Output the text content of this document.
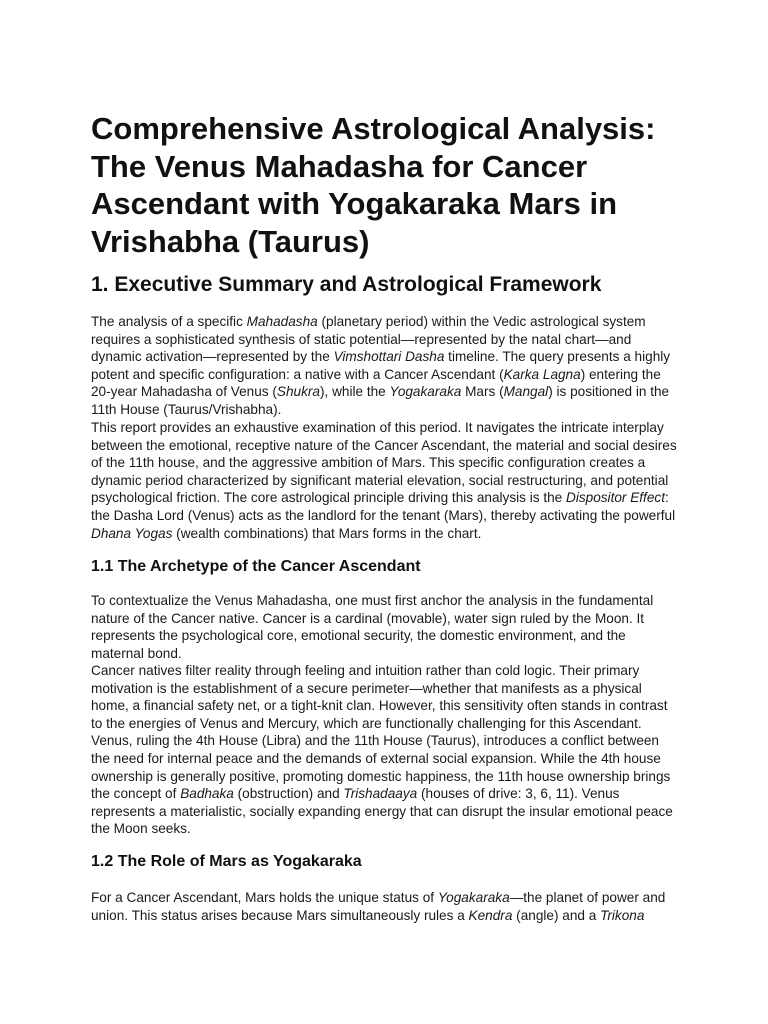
Comprehensive Astrological Analysis: The Venus Mahadasha for Cancer Ascendant with Yogakaraka Mars in Vrishabha (Taurus)
1. Executive Summary and Astrological Framework

The analysis of a specific Mahadasha (planetary period) within the Vedic astrological system requires a sophisticated synthesis of static potential—represented by the natal chart—and dynamic activation—represented by the Vimshottari Dasha timeline. The query presents a highly potent and specific configuration: a native with a Cancer Ascendant (Karka Lagna) entering the 20-year Mahadasha of Venus (Shukra), while the Yogakaraka Mars (Mangal) is positioned in the 11th House (Taurus/Vrishabha).

This report provides an exhaustive examination of this period. It navigates the intricate interplay between the emotional, receptive nature of the Cancer Ascendant, the material and social desires of the 11th house, and the aggressive ambition of Mars. This specific configuration creates a dynamic period characterized by significant material elevation, social restructuring, and potential psychological friction. The core astrological principle driving this analysis is the Dispositor Effect: the Dasha Lord (Venus) acts as the landlord for the tenant (Mars), thereby activating the powerful Dhana Yogas (wealth combinations) that Mars forms in the chart.

1.1 The Archetype of the Cancer Ascendant

To contextualize the Venus Mahadasha, one must first anchor the analysis in the fundamental nature of the Cancer native. Cancer is a cardinal (movable), water sign ruled by the Moon. It represents the psychological core, emotional security, the domestic environment, and the maternal bond.

Cancer natives filter reality through feeling and intuition rather than cold logic. Their primary motivation is the establishment of a secure perimeter—whether that manifests as a physical home, a financial safety net, or a tight-knit clan. However, this sensitivity often stands in contrast to the energies of Venus and Mercury, which are functionally challenging for this Ascendant. Venus, ruling the 4th House (Libra) and the 11th House (Taurus), introduces a conflict between the need for internal peace and the demands of external social expansion. While the 4th house ownership is generally positive, promoting domestic happiness, the 11th house ownership brings the concept of Badhaka (obstruction) and Trishadaaya (houses of drive: 3, 6, 11). Venus represents a materialistic, socially expanding energy that can disrupt the insular emotional peace the Moon seeks.

1.2 The Role of Mars as Yogakaraka

For a Cancer Ascendant, Mars holds the unique status of Yogakaraka—the planet of power and union. This status arises because Mars simultaneously rules a Kendra (angle) and a Trikona
